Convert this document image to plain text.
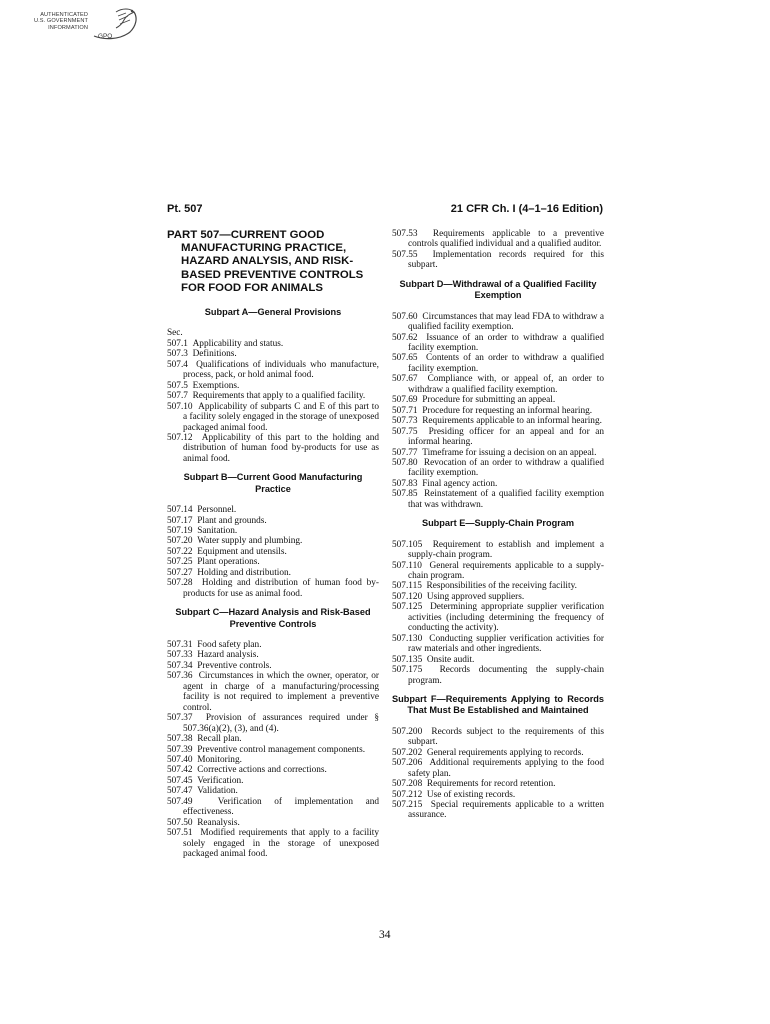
AUTHENTICATED
U.S. GOVERNMENT
INFORMATION
GPO
Pt. 507	21 CFR Ch. I (4–1–16 Edition)
PART 507—CURRENT GOOD MANUFACTURING PRACTICE, HAZARD ANALYSIS, AND RISK-BASED PREVENTIVE CONTROLS FOR FOOD FOR ANIMALS
Subpart A—General Provisions
Sec.

507.1 Applicability and status.

507.3 Definitions.

507.4 Qualifications of individuals who manufacture, process, pack, or hold animal food.

507.5 Exemptions.

507.7 Requirements that apply to a qualified facility.

507.10 Applicability of subparts C and E of this part to a facility solely engaged in the storage of unexposed packaged animal food.

507.12 Applicability of this part to the holding and distribution of human food by-products for use as animal food.

Subpart B—Current Good Manufacturing Practice

507.14 Personnel.

507.17 Plant and grounds.

507.19 Sanitation.

507.20 Water supply and plumbing.

507.22 Equipment and utensils.

507.25 Plant operations.

507.27 Holding and distribution.

507.28 Holding and distribution of human food by-products for use as animal food.

Subpart C—Hazard Analysis and Risk-Based Preventive Controls

507.31 Food safety plan.

507.33 Hazard analysis.

507.34 Preventive controls.

507.36 Circumstances in which the owner, operator, or agent in charge of a manufacturing/processing facility is not required to implement a preventive control.

507.37 Provision of assurances required under § 507.36(a)(2), (3), and (4).

507.38 Recall plan.

507.39 Preventive control management components.

507.40 Monitoring.

507.42 Corrective actions and corrections.

507.45 Verification.

507.47 Validation.

507.49	Verification of implementation and effectiveness.

507.50 Reanalysis.

507.51 Modified requirements that apply to a facility solely engaged in the storage of unexposed packaged animal food.

507.53 Requirements applicable to a preventive controls qualified individual and a qualified auditor.

507.55 Implementation records required for this subpart.

Subpart D—Withdrawal of a Qualified Facility Exemption

507.60 Circumstances that may lead FDA to withdraw a qualified facility exemption.

507.62 Issuance of an order to withdraw a qualified facility exemption.

507.65 Contents of an order to withdraw a qualified facility exemption.

507.67 Compliance with, or appeal of, an order to withdraw a qualified facility exemption.

507.69 Procedure for submitting an appeal.

507.71 Procedure for requesting an informal hearing.

507.73 Requirements applicable to an informal hearing.

507.75 Presiding officer for an appeal and for an informal hearing.

507.77 Timeframe for issuing a decision on an appeal.

507.80 Revocation of an order to withdraw a qualified facility exemption.

507.83 Final agency action.

507.85 Reinstatement of a qualified facility exemption that was withdrawn.

Subpart E—Supply-Chain Program

507.105 Requirement to establish and implement a supply-chain program.

507.110 General requirements applicable to a supply-chain program.

507.115 Responsibilities of the receiving facility.

507.120 Using approved suppliers.

507.125 Determining appropriate supplier verification activities (including determining the frequency of conducting the activity).

507.130 Conducting supplier verification activities for raw materials and other ingredients.

507.135 Onsite audit.

507.175 Records documenting the supply-chain program.

Subpart F—Requirements Applying to Records That Must Be Established and Maintained

507.200 Records subject to the requirements of this subpart.

507.202 General requirements applying to records.

507.206 Additional requirements applying to the food safety plan.

507.208 Requirements for record retention.

507.212 Use of existing records.

507.215 Special requirements applicable to a written assurance.

34
